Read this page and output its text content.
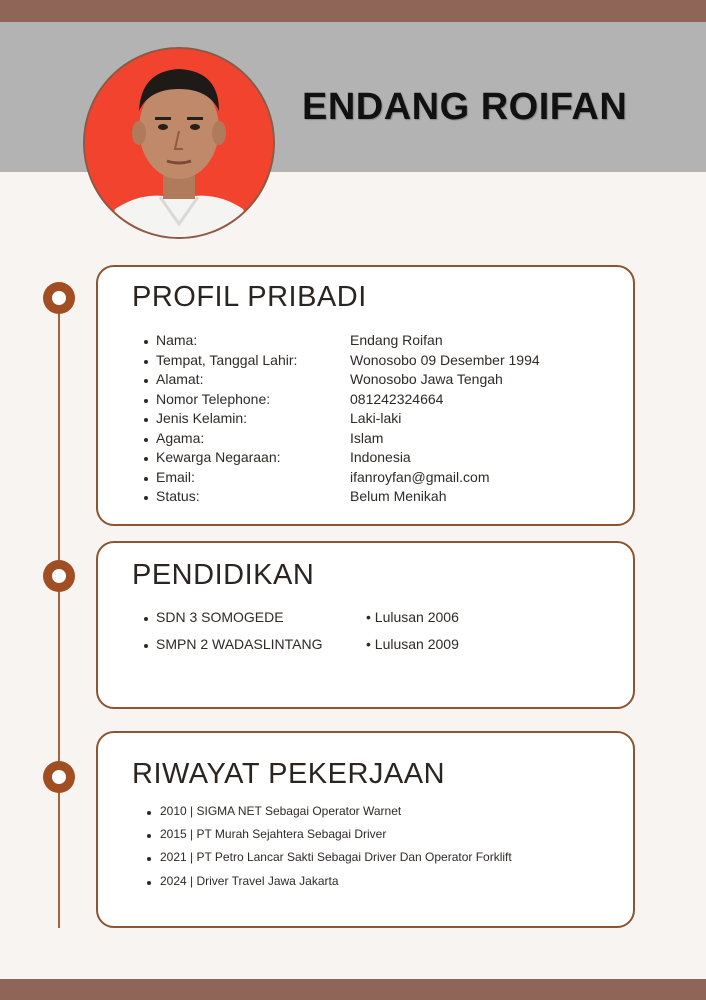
ENDANG ROIFAN
PROFIL PRIBADI
Nama:	Endang Roifan
Tempat, Tanggal Lahir:	Wonosobo 09 Desember 1994
Alamat:	Wonosobo Jawa Tengah
Nomor Telephone:	081242324664
Jenis Kelamin:	Laki-laki
Agama:	Islam
Kewarga Negaraan:	Indonesia
Email:	ifanroyfan@gmail.com
Status:	Belum Menikah
PENDIDIKAN
SDN 3 SOMOGEDE	• Lulusan 2006
SMPN 2 WADASLINTANG	• Lulusan 2009
RIWAYAT PEKERJAAN
2010 | SIGMA NET Sebagai Operator Warnet
2015 | PT Murah Sejahtera Sebagai Driver
2021 | PT Petro Lancar Sakti Sebagai Driver Dan Operator Forklift
2024 | Driver Travel Jawa Jakarta
